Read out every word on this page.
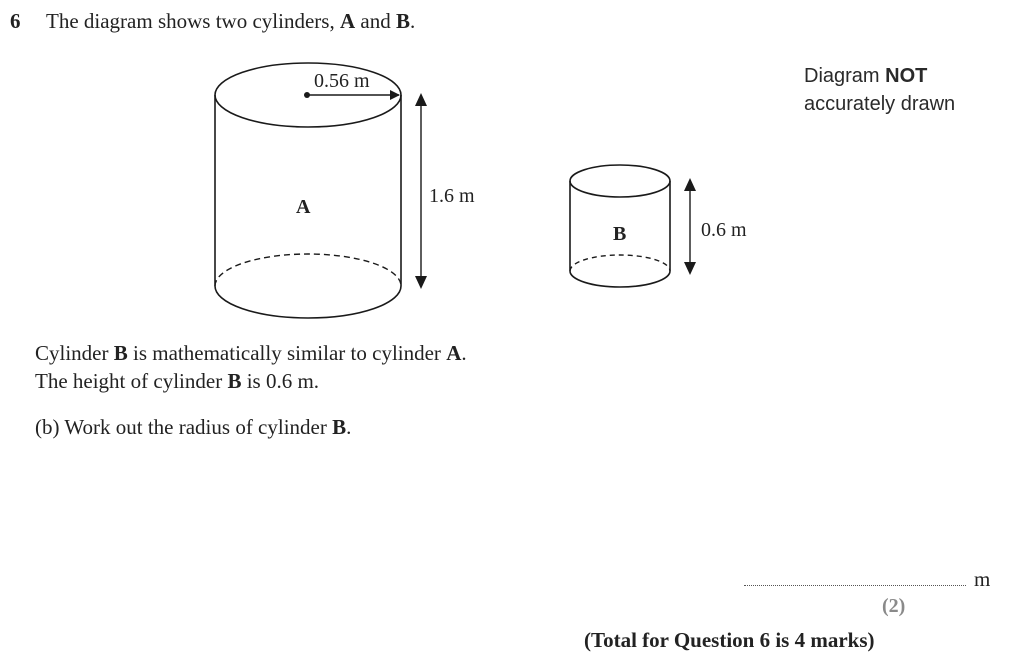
6 The diagram shows two cylinders, A and B.
Diagram NOT
accurately drawn
0.56 m
A	1.6 m
B	0.6 m
Cylinder B is mathematically similar to cylinder A.
The height of cylinder B is 0.6 m.
(b) Work out the radius of cylinder B.
m
(2)
(Total for Question 6 is 4 marks)
